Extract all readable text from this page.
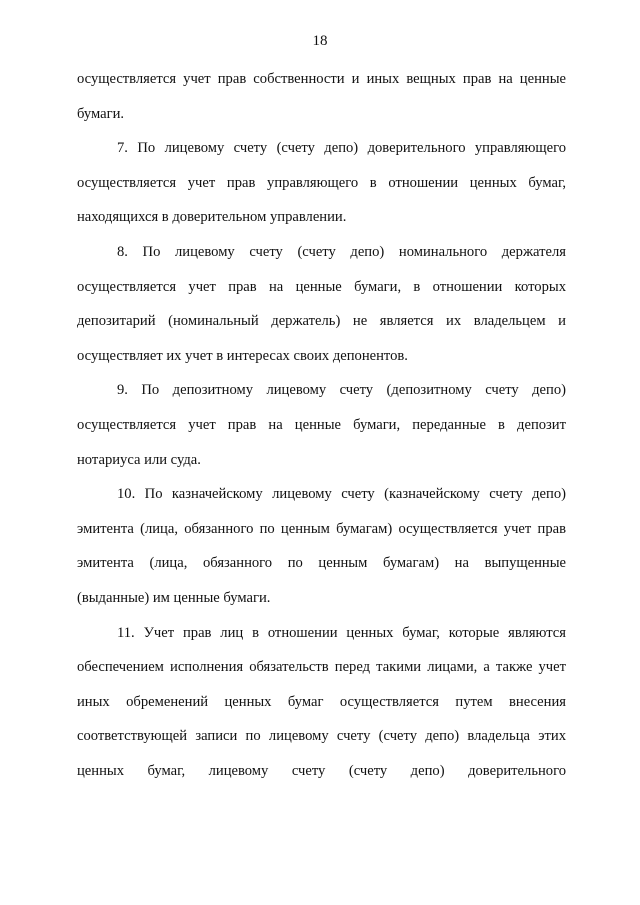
18
осуществляется учет прав собственности и иных вещных прав на ценные
бумаги.
7. По лицевому счету (счету депо) доверительного управляющего
осуществляется учет прав управляющего в отношении ценных бумаг,
находящихся в доверительном управлении.
8. По лицевому счету (счету депо) номинального держателя
осуществляется учет прав на ценные бумаги, в отношении которых
депозитарий (номинальный держатель) не является их владельцем и
осуществляет их учет в интересах своих депонентов.
9. По депозитному лицевому счету (депозитному счету депо)
осуществляется учет прав на ценные бумаги, переданные в депозит
нотариуса или суда.
10. По казначейскому лицевому счету (казначейскому счету депо)
эмитента (лица, обязанного по ценным бумагам) осуществляется учет прав
эмитента (лица, обязанного по ценным бумагам) на выпущенные
(выданные) им ценные бумаги.
11. Учет прав лиц в отношении ценных бумаг, которые являются
обеспечением исполнения обязательств перед такими лицами, а также учет
иных обременений ценных бумаг осуществляется путем внесения
соответствующей записи по лицевому счету (счету депо) владельца этих
ценных бумаг, лицевому счету (счету депо) доверительного
